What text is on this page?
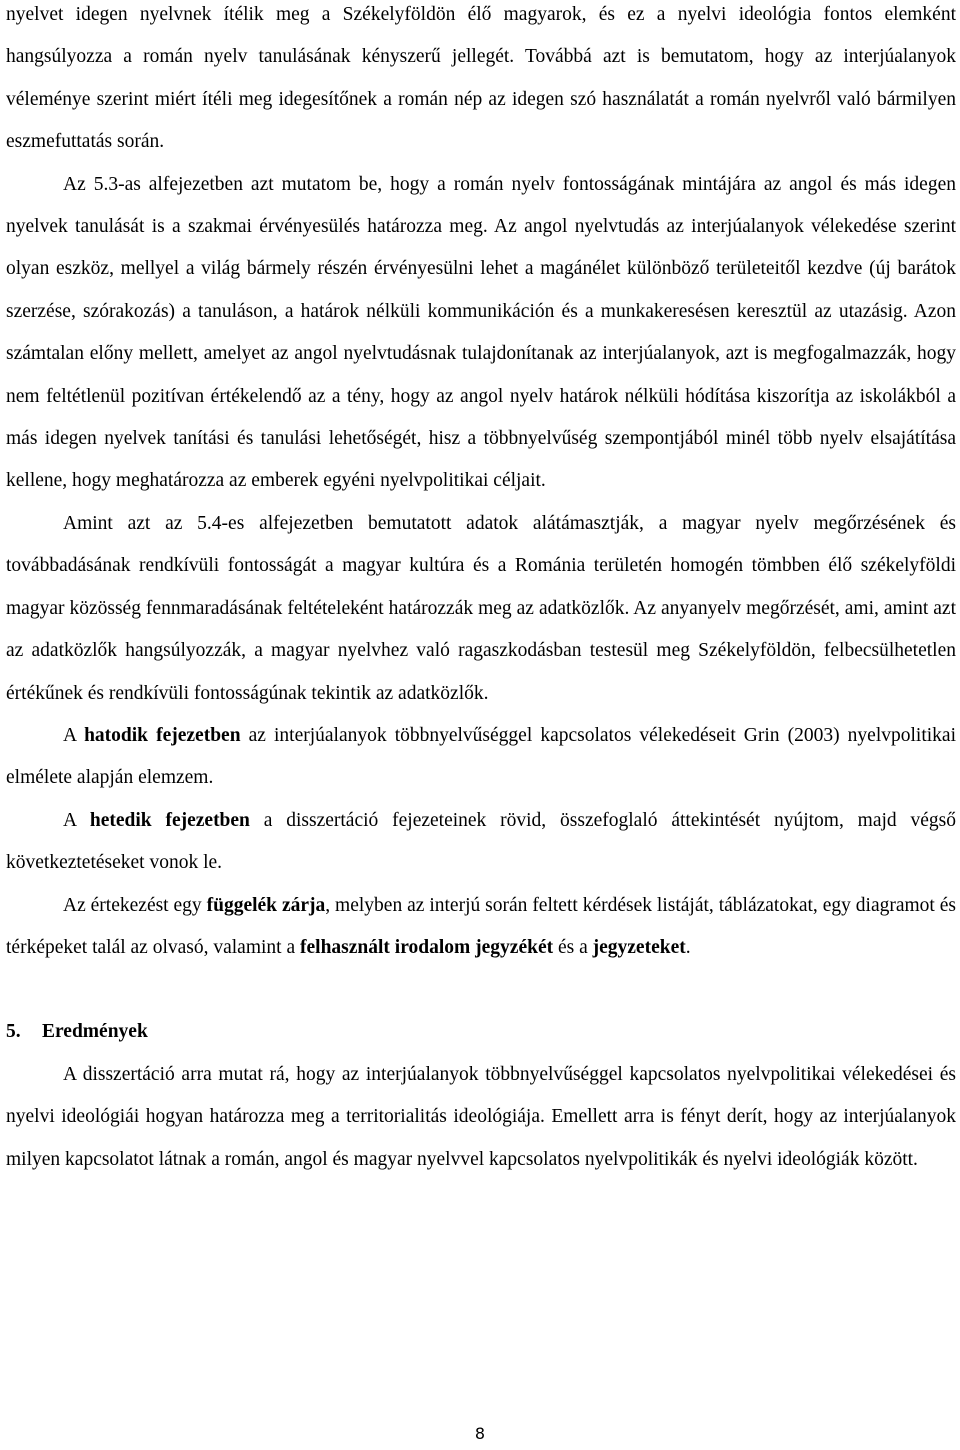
nyelvet idegen nyelvnek ítélik meg a Székelyföldön élő magyarok, és ez a nyelvi ideológia fontos elemként hangsúlyozza a román nyelv tanulásának kényszerű jellegét. Továbbá azt is bemutatom, hogy az interjúalanyok véleménye szerint miért ítéli meg idegesítőnek a román nép az idegen szó használatát a román nyelvről való bármilyen eszmefuttatás során.

Az 5.3-as alfejezetben azt mutatom be, hogy a román nyelv fontosságának mintájára az angol és más idegen nyelvek tanulását is a szakmai érvényesülés határozza meg. Az angol nyelvtudás az interjúalanyok vélekedése szerint olyan eszköz, mellyel a világ bármely részén érvényesülni lehet a magánélet különböző területeitől kezdve (új barátok szerzése, szórakozás) a tanuláson, a határok nélküli kommunikáción és a munkakeresésen keresztül az utazásig. Azon számtalan előny mellett, amelyet az angol nyelvtudásnak tulajdonítanak az interjúalanyok, azt is megfogalmazzák, hogy nem feltétlenül pozitívan értékelendő az a tény, hogy az angol nyelv határok nélküli hódítása kiszorítja az iskolákból a más idegen nyelvek tanítási és tanulási lehetőségét, hisz a többnyelvűség szempontjából minél több nyelv elsajátítása kellene, hogy meghatározza az emberek egyéni nyelvpolitikai céljait.

Amint azt az 5.4-es alfejezetben bemutatott adatok alátámasztják, a magyar nyelv megőrzésének és továbbadásának rendkívüli fontosságát a magyar kultúra és a Románia területén homogén tömbben élő székelyföldi magyar közösség fennmaradásának feltételeként határozzák meg az adatközlők. Az anyanyelv megőrzését, ami, amint azt az adatközlők hangsúlyozzák, a magyar nyelvhez való ragaszkodásban testesül meg Székelyföldön, felbecsülhetetlen értékűnek és rendkívüli fontosságúnak tekintik az adatközlők.

A hatodik fejezetben az interjúalanyok többnyelvűséggel kapcsolatos vélekedéseit Grin (2003) nyelvpolitikai elmélete alapján elemzem.

A hetedik fejezetben a disszertáció fejezeteinek rövid, összefoglaló áttekintését nyújtom, majd végső következtetéseket vonok le.

Az értekezést egy függelék zárja, melyben az interjú során feltett kérdések listáját, táblázatokat, egy diagramot és térképeket talál az olvasó, valamint a felhasznált irodalom jegyzékét és a jegyzeteket.

5. Eredmények

A disszertáció arra mutat rá, hogy az interjúalanyok többnyelvűséggel kapcsolatos nyelvpolitikai vélekedései és nyelvi ideológiái hogyan határozza meg a territorialitás ideológiája. Emellett arra is fényt derít, hogy az interjúalanyok milyen kapcsolatot látnak a román, angol és magyar nyelvvel kapcsolatos nyelvpolitikák és nyelvi ideológiák között.

8
